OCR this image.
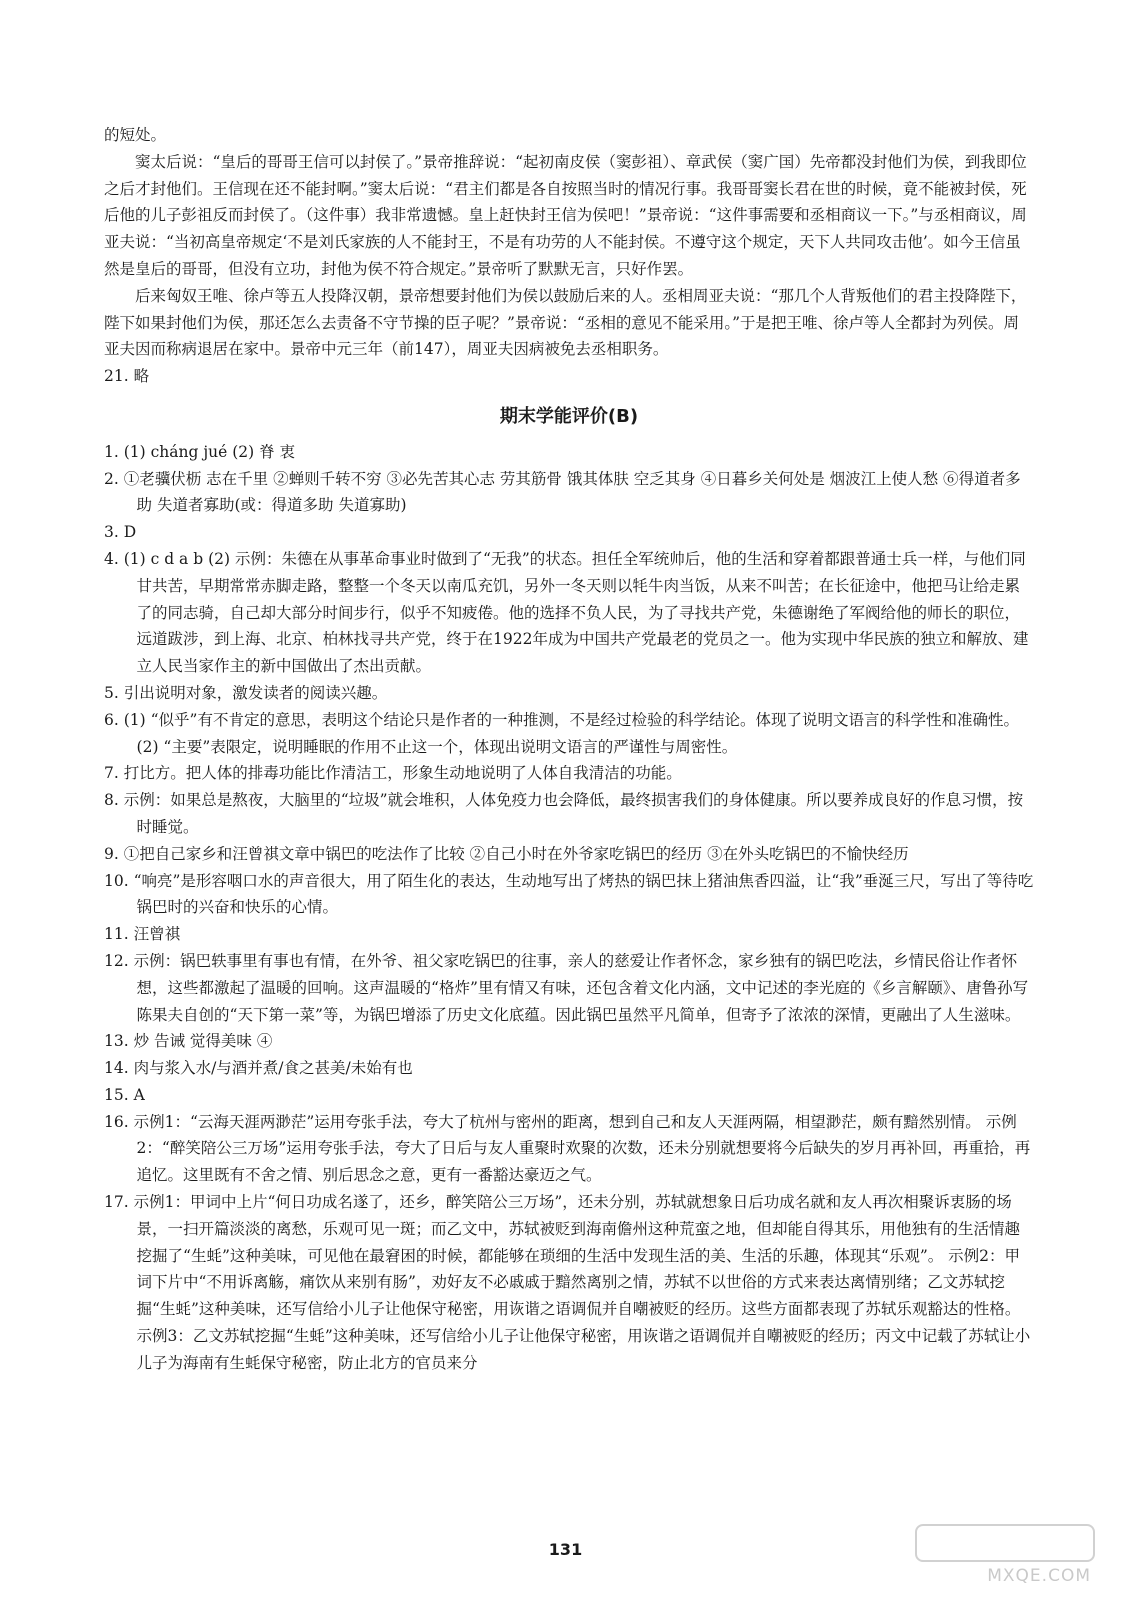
的短处。

窦太后说：“皇后的哥哥王信可以封侯了。”景帝推辞说：“起初南皮侯（窦彭祖）、章武侯（窦广国）先帝都没封他们为侯，到我即位之后才封他们。王信现在还不能封啊。”窦太后说：“君主们都是各自按照当时的情况行事。我哥哥窦长君在世的时候，竟不能被封侯，死后他的儿子彭祖反而封侯了。（这件事）我非常遗憾。皇上赶快封王信为侯吧！”景帝说：“这件事需要和丞相商议一下。”与丞相商议，周亚夫说：“当初高皇帝规定‘不是刘氏家族的人不能封王，不是有功劳的人不能封侯。不遵守这个规定，天下人共同攻击他’。如今王信虽然是皇后的哥哥，但没有立功，封他为侯不符合规定。”景帝听了默默无言，只好作罢。

后来匈奴王唯、徐卢等五人投降汉朝，景帝想要封他们为侯以鼓励后来的人。丞相周亚夫说：“那几个人背叛他们的君主投降陛下，陛下如果封他们为侯，那还怎么去责备不守节操的臣子呢？”景帝说：“丞相的意见不能采用。”于是把王唯、徐卢等人全都封为列侯。周亚夫因而称病退居在家中。景帝中元三年（前147），周亚夫因病被免去丞相职务。

21. 略

期末学能评价(B)

1. (1) cháng jué (2) 脊 衷

2. ①老骥伏枥 志在千里 ②蝉则千转不穷 ③必先苦其心志 劳其筋骨 饿其体肤 空乏其身 ④日暮乡关何处是 烟波江上使人愁 ⑥得道者多助 失道者寡助(或：得道多助 失道寡助)

3. D

4. (1) c d a b (2) 示例：朱德在从事革命事业时做到了“无我”的状态。担任全军统帅后，他的生活和穿着都跟普通士兵一样，与他们同甘共苦，早期常常赤脚走路，整整一个冬天以南瓜充饥，另外一冬天则以牦牛肉当饭，从来不叫苦；在长征途中，他把马让给走累了的同志骑，自己却大部分时间步行，似乎不知疲倦。他的选择不负人民，为了寻找共产党，朱德谢绝了军阀给他的师长的职位，远道跋涉，到上海、北京、柏林找寻共产党，终于在1922年成为中国共产党最老的党员之一。他为实现中华民族的独立和解放、建立人民当家作主的新中国做出了杰出贡献。

5. 引出说明对象，激发读者的阅读兴趣。

6. (1) “似乎”有不肯定的意思，表明这个结论只是作者的一种推测，不是经过检验的科学结论。体现了说明文语言的科学性和准确性。 (2) “主要”表限定，说明睡眠的作用不止这一个，体现出说明文语言的严谨性与周密性。

7. 打比方。把人体的排毒功能比作清洁工，形象生动地说明了人体自我清洁的功能。

8. 示例：如果总是熬夜，大脑里的“垃圾”就会堆积，人体免疫力也会降低，最终损害我们的身体健康。所以要养成良好的作息习惯，按时睡觉。

9. ①把自己家乡和汪曾祺文章中锅巴的吃法作了比较 ②自己小时在外爷家吃锅巴的经历 ③在外头吃锅巴的不愉快经历

10. “响亮”是形容咽口水的声音很大，用了陌生化的表达，生动地写出了烤热的锅巴抹上猪油焦香四溢，让“我”垂涎三尺，写出了等待吃锅巴时的兴奋和快乐的心情。

11. 汪曾祺

12. 示例：锅巴轶事里有事也有情，在外爷、祖父家吃锅巴的往事，亲人的慈爱让作者怀念，家乡独有的锅巴吃法，乡情民俗让作者怀想，这些都激起了温暖的回响。这声温暖的“格炸”里有情又有味，还包含着文化内涵，文中记述的李光庭的《乡言解颐》、唐鲁孙写陈果夫自创的“天下第一菜”等，为锅巴增添了历史文化底蕴。因此锅巴虽然平凡简单，但寄予了浓浓的深情，更融出了人生滋味。

13. 炒 告诫 觉得美味 ④

14. 肉与浆入水/与酒并煮/食之甚美/未始有也

15. A

16. 示例1：“云海天涯两渺茫”运用夸张手法，夸大了杭州与密州的距离，想到自己和友人天涯两隔，相望渺茫，颇有黯然别情。 示例2：“醉笑陪公三万场”运用夸张手法，夸大了日后与友人重聚时欢聚的次数，还未分别就想要将今后缺失的岁月再补回，再重拾，再追忆。这里既有不舍之情、别后思念之意，更有一番豁达豪迈之气。

17. 示例1：甲词中上片“何日功成名遂了，还乡，醉笑陪公三万场”，还未分别，苏轼就想象日后功成名就和友人再次相聚诉衷肠的场景，一扫开篇淡淡的离愁，乐观可见一斑；而乙文中，苏轼被贬到海南儋州这种荒蛮之地，但却能自得其乐，用他独有的生活情趣挖掘了“生蚝”这种美味，可见他在最窘困的时候，都能够在琐细的生活中发现生活的美、生活的乐趣，体现其“乐观”。 示例2：甲词下片中“不用诉离觞，痛饮从来别有肠”，劝好友不必戚戚于黯然离别之情，苏轼不以世俗的方式来表达离情别绪；乙文苏轼挖掘“生蚝”这种美味，还写信给小儿子让他保守秘密，用诙谐之语调侃并自嘲被贬的经历。这些方面都表现了苏轼乐观豁达的性格。 示例3：乙文苏轼挖掘“生蚝”这种美味，还写信给小儿子让他保守秘密，用诙谐之语调侃并自嘲被贬的经历；丙文中记载了苏轼让小儿子为海南有生蚝保守秘密，防止北方的官员来分

131
MXQE.COM
